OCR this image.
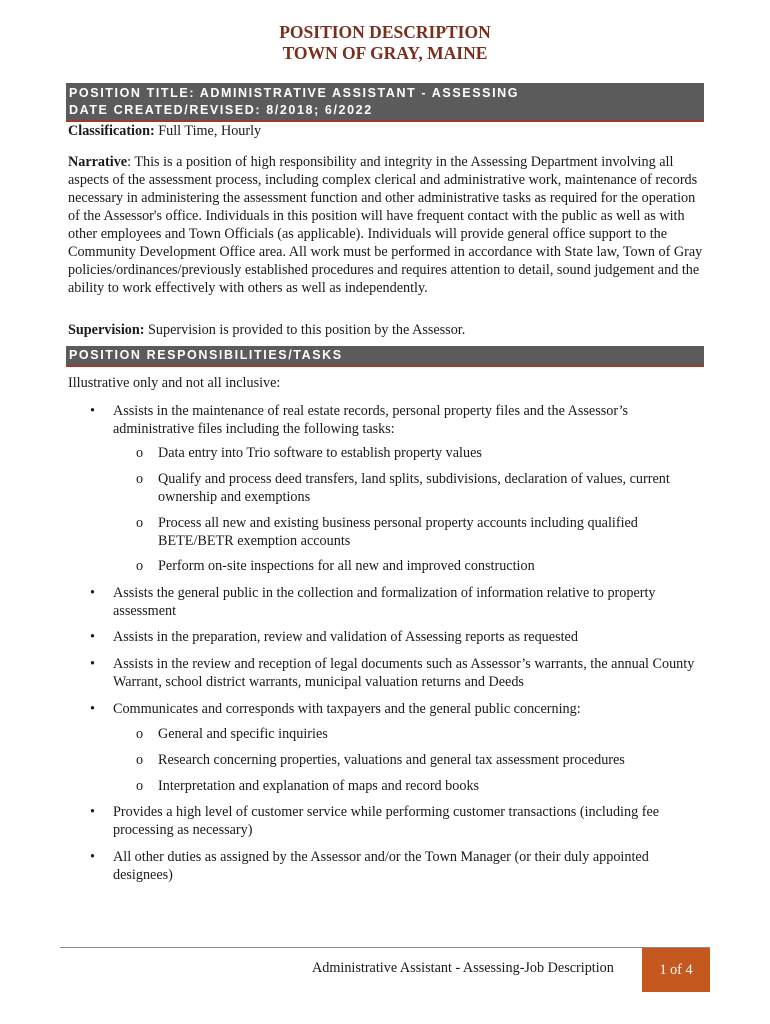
POSITION DESCRIPTION
TOWN OF GRAY, MAINE
POSITION TITLE: ADMINISTRATIVE ASSISTANT - ASSESSING
DATE CREATED/REVISED: 8/2018; 6/2022
Classification: Full Time, Hourly
Narrative: This is a position of high responsibility and integrity in the Assessing Department involving all aspects of the assessment process, including complex clerical and administrative work, maintenance of records necessary in administering the assessment function and other administrative tasks as required for the operation of the Assessor's office. Individuals in this position will have frequent contact with the public as well as with other employees and Town Officials (as applicable). Individuals will provide general office support to the Community Development Office area. All work must be performed in accordance with State law, Town of Gray policies/ordinances/previously established procedures and requires attention to detail, sound judgement and the ability to work effectively with others as well as independently.
Supervision: Supervision is provided to this position by the Assessor.
POSITION RESPONSIBILITIES/TASKS
Illustrative only and not all inclusive:
• Assists in the maintenance of real estate records, personal property files and the Assessor’s administrative files including the following tasks:
o Data entry into Trio software to establish property values
o Qualify and process deed transfers, land splits, subdivisions, declaration of values, current ownership and exemptions
o Process all new and existing business personal property accounts including qualified BETE/BETR exemption accounts
o Perform on-site inspections for all new and improved construction
• Assists the general public in the collection and formalization of information relative to property assessment
• Assists in the preparation, review and validation of Assessing reports as requested
• Assists in the review and reception of legal documents such as Assessor’s warrants, the annual County Warrant, school district warrants, municipal valuation returns and Deeds
• Communicates and corresponds with taxpayers and the general public concerning:
o General and specific inquiries
o Research concerning properties, valuations and general tax assessment procedures
o Interpretation and explanation of maps and record books
• Provides a high level of customer service while performing customer transactions (including fee processing as necessary)
• All other duties as assigned by the Assessor and/or the Town Manager (or their duly appointed designees)
Administrative Assistant - Assessing-Job Description	1 of 4
